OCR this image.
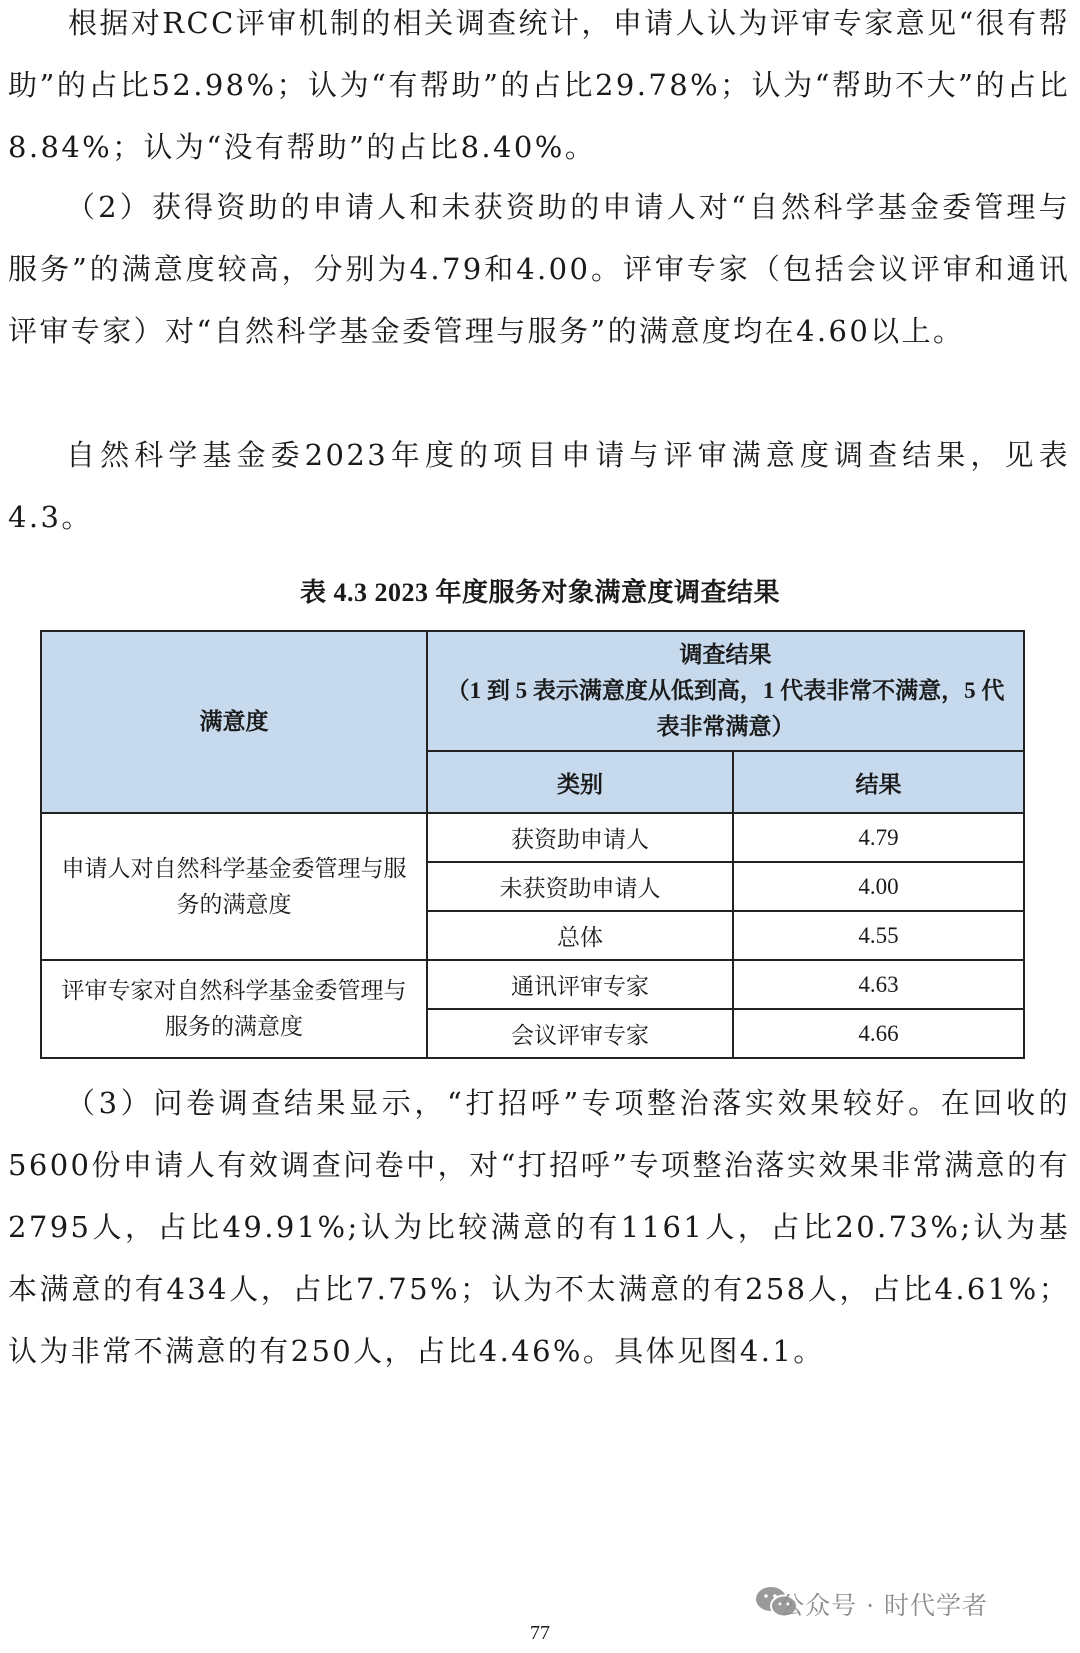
根据对RCC评审机制的相关调查统计，申请人认为评审专家意见“很有帮助”的占比52.98%；认为“有帮助”的占比29.78%；认为“帮助不大”的占比8.84%；认为“没有帮助”的占比8.40%。

（2）获得资助的申请人和未获资助的申请人对“自然科学基金委管理与服务”的满意度较高，分别为4.79和4.00。评审专家（包括会议评审和通讯评审专家）对“自然科学基金委管理与服务”的满意度均在4.60以上。

自然科学基金委2023年度的项目申请与评审满意度调查结果，见表4.3。

表 4.3 2023 年度服务对象满意度调查结果

满意度	调查结果
（1 到 5 表示满意度从低到高，1 代表非常不满意，5 代表非常满意）	

	类别	结果
申请人对自然科学基金委管理与服务的满意度	获资助申请人	4.79
	未获资助申请人	4.00
	总体	4.55
评审专家对自然科学基金委管理与服务的满意度	通讯评审专家	4.63
	会议评审专家	4.66

（3）问卷调查结果显示，“打招呼”专项整治落实效果较好。在回收的5600份申请人有效调查问卷中，对“打招呼”专项整治落实效果非常满意的有2795人，占比49.91%;认为比较满意的有1161人，占比20.73%;认为基本满意的有434人，占比7.75%；认为不太满意的有258人，占比4.61%；认为非常不满意的有250人，占比4.46%。具体见图4.1。

公众号 · 时代学者
77
